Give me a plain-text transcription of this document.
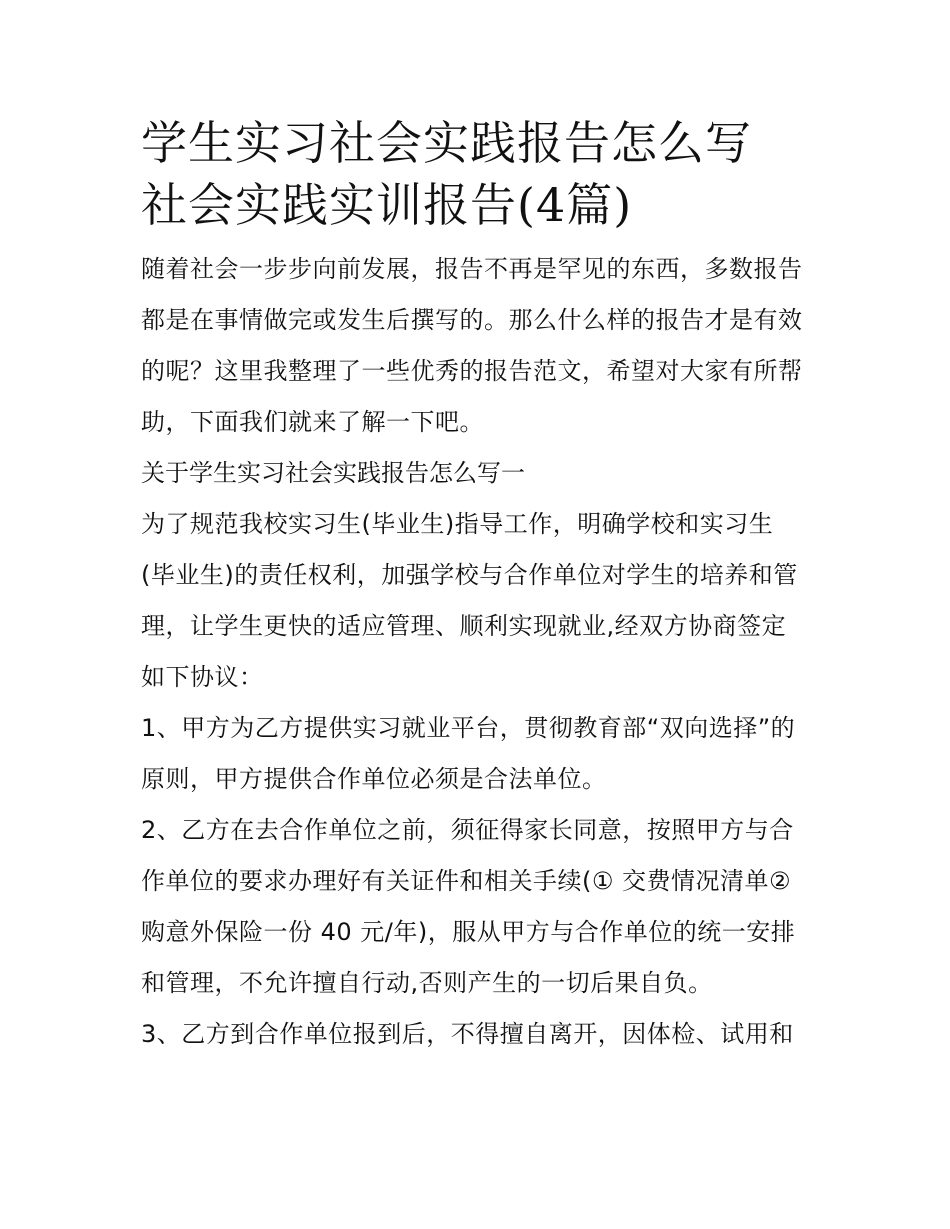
学生实习社会实践报告怎么写
社会实践实训报告(4篇)

随着社会一步步向前发展，报告不再是罕见的东西，多数报告
都是在事情做完或发生后撰写的。那么什么样的报告才是有效
的呢？这里我整理了一些优秀的报告范文，希望对大家有所帮
助，下面我们就来了解一下吧。

关于学生实习社会实践报告怎么写一

为了规范我校实习生(毕业生)指导工作，明确学校和实习生
(毕业生)的责任权利，加强学校与合作单位对学生的培养和管
理，让学生更快的适应管理、顺利实现就业,经双方协商签定
如下协议：

1、甲方为乙方提供实习就业平台，贯彻教育部“双向选择”的
原则，甲方提供合作单位必须是合法单位。

2、乙方在去合作单位之前，须征得家长同意，按照甲方与合
作单位的要求办理好有关证件和相关手续(① 交费情况清单②
购意外保险一份 40 元/年)，服从甲方与合作单位的统一安排
和管理，不允许擅自行动,否则产生的一切后果自负。

3、乙方到合作单位报到后，不得擅自离开，因体检、试用和
